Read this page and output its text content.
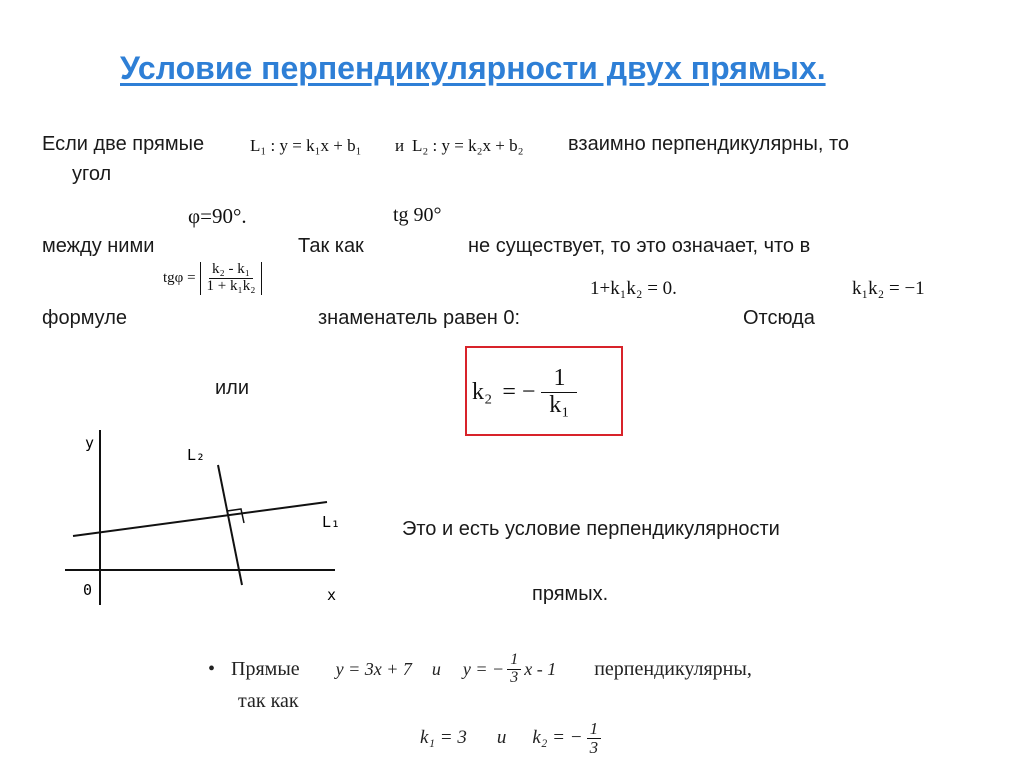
Условие перпендикулярности двух прямых.
Если две прямые	L₁ : y = k₁x + b₁ и L₂ : y = k₂x + b₂ взаимно перпендикулярны, то
угол
φ=90°.	tg 90°
между ними	Так как	не существует, то это означает, что в
$tg\varphi = \frac{\text{k₂ - k₁}}{\text{1 + k₁k₂}}$	1+k₁k₂ = 0.	k₁k₂ = −1
формуле	знаменатель равен 0:	Отсюда
или	k₂ = − $\frac{1}{\text{k₁}}$
y
x
0
L₂
L₁	Это и есть условие перпендикулярности
прямых.
• Прямые y = 3x + 7 и y = − $\frac{1}{3}$ x - 1 перпендикулярны,
так как
k₁ = 3 и k₂ = − $\frac{1}{3}$
